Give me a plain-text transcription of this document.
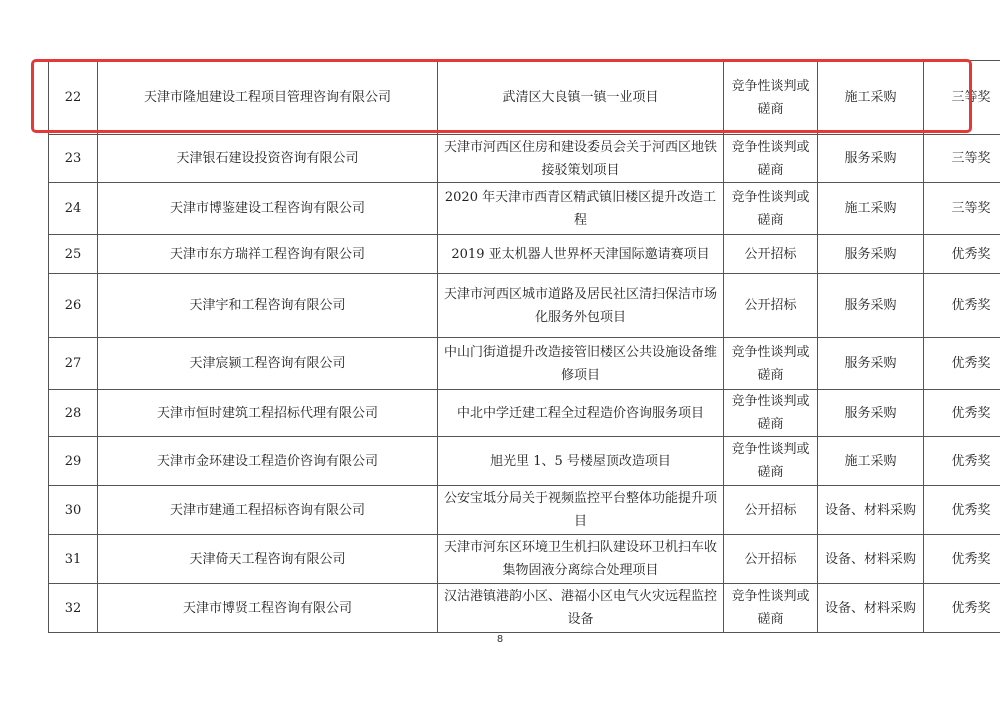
22	天津市隆旭建设工程项目管理咨询有限公司	武清区大良镇一镇一业项目	竞争性谈判或磋商	施工采购	三等奖
23	天津银石建设投资咨询有限公司	天津市河西区住房和建设委员会关于河西区地铁接驳策划项目	竞争性谈判或磋商	服务采购	三等奖
24	天津市博鉴建设工程咨询有限公司	2020 年天津市西青区精武镇旧楼区提升改造工程	竞争性谈判或磋商	施工采购	三等奖
25	天津市东方瑞祥工程咨询有限公司	2019 亚太机器人世界杯天津国际邀请赛项目	公开招标	服务采购	优秀奖
26	天津宇和工程咨询有限公司	天津市河西区城市道路及居民社区清扫保洁市场化服务外包项目	公开招标	服务采购	优秀奖
27	天津宸颍工程咨询有限公司	中山门街道提升改造接管旧楼区公共设施设备维修项目	竞争性谈判或磋商	服务采购	优秀奖
28	天津市恒时建筑工程招标代理有限公司	中北中学迁建工程全过程造价咨询服务项目	竞争性谈判或磋商	服务采购	优秀奖
29	天津市金环建设工程造价咨询有限公司	旭光里 1、5 号楼屋顶改造项目	竞争性谈判或磋商	施工采购	优秀奖
30	天津市建通工程招标咨询有限公司	公安宝坻分局关于视频监控平台整体功能提升项目	公开招标	设备、材料采购	优秀奖
31	天津倚天工程咨询有限公司	天津市河东区环境卫生机扫队建设环卫机扫车收集物固液分离综合处理项目	公开招标	设备、材料采购	优秀奖
32	天津市博贤工程咨询有限公司	汉沽港镇港韵小区、港福小区电气火灾远程监控设备	竞争性谈判或磋商	设备、材料采购	优秀奖
8
